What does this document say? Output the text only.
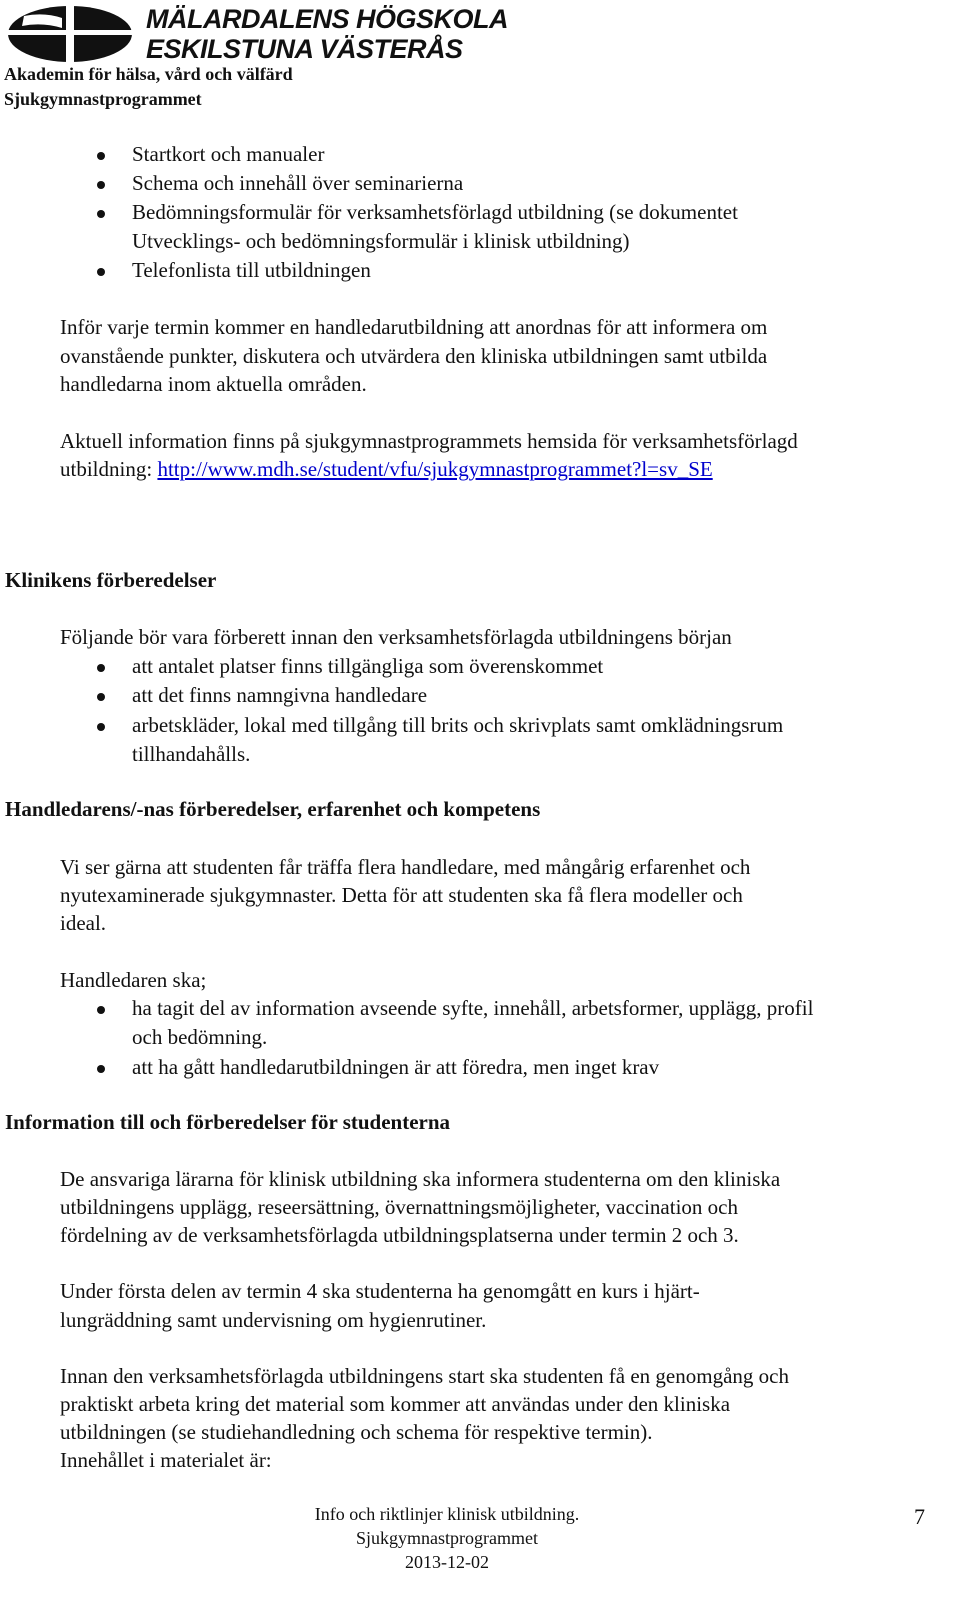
MÄLARDALENS HÖGSKOLA
ESKILSTUNA VÄSTERÅS
Akademin för hälsa, vård och välfärd
Sjukgymnastprogrammet
Startkort och manualer
Schema och innehåll över seminarierna
Bedömningsformulär för verksamhetsförlagd utbildning (se dokumentet
Utvecklings- och bedömningsformulär i klinisk utbildning)
Telefonlista till utbildningen
Inför varje termin kommer en handledarutbildning att anordnas för att informera om
ovanstående punkter, diskutera och utvärdera den kliniska utbildningen samt utbilda
handledarna inom aktuella områden.
Aktuell information finns på sjukgymnastprogrammets hemsida för verksamhetsförlagd
utbildning: http://www.mdh.se/student/vfu/sjukgymnastprogrammet?l=sv_SE
Klinikens förberedelser
Följande bör vara förberett innan den verksamhetsförlagda utbildningens början
att antalet platser finns tillgängliga som överenskommet
att det finns namngivna handledare
arbetskläder, lokal med tillgång till brits och skrivplats samt omklädningsrum
tillhandahålls.
Handledarens/-nas förberedelser, erfarenhet och kompetens
Vi ser gärna att studenten får träffa flera handledare, med mångårig erfarenhet och
nyutexaminerade sjukgymnaster. Detta för att studenten ska få flera modeller och
ideal.
Handledaren ska;
ha tagit del av information avseende syfte, innehåll, arbetsformer, upplägg, profil
och bedömning.
att ha gått handledarutbildningen är att föredra, men inget krav
Information till och förberedelser för studenterna
De ansvariga lärarna för klinisk utbildning ska informera studenterna om den kliniska
utbildningens upplägg, reseersättning, övernattningsmöjligheter, vaccination och
fördelning av de verksamhetsförlagda utbildningsplatserna under termin 2 och 3.
Under första delen av termin 4 ska studenterna ha genomgått en kurs i hjärt-
lungräddning samt undervisning om hygienrutiner.
Innan den verksamhetsförlagda utbildningens start ska studenten få en genomgång och
praktiskt arbeta kring det material som kommer att användas under den kliniska
utbildningen (se studiehandledning och schema för respektive termin).
Innehållet i materialet är:
Info och riktlinjer klinisk utbildning.
Sjukgymnastprogrammet
2013-12-02
7
